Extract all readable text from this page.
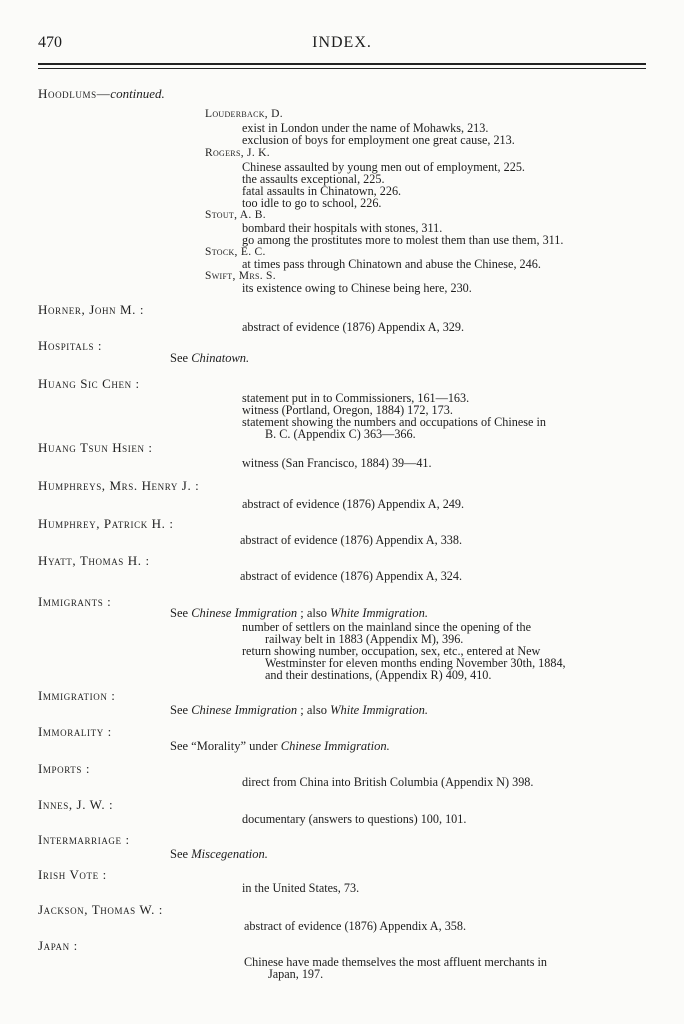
470	INDEX.
Hoodlums—continued.
Louderback, D.
exist in London under the name of Mohawks, 213.
exclusion of boys for employment one great cause, 213.
Rogers, J. K.
Chinese assaulted by young men out of employment, 225.
the assaults exceptional, 225.
fatal assaults in Chinatown, 226.
too idle to go to school, 226.
Stout, A. B.
bombard their hospitals with stones, 311.
go among the prostitutes more to molest them than use them, 311.
Stock, E. C.
at times pass through Chinatown and abuse the Chinese, 246.
Swift, Mrs. S.
its existence owing to Chinese being here, 230.
Horner, John M. :
abstract of evidence (1876) Appendix A, 329.
Hospitals :
See Chinatown.
Huang Sic Chen :
statement put in to Commissioners, 161—163.
witness (Portland, Oregon, 1884) 172, 173.
statement showing the numbers and occupations of Chinese in
B. C. (Appendix C) 363—366.
Huang Tsun Hsien :
witness (San Francisco, 1884) 39—41.
Humphreys, Mrs. Henry J. :
abstract of evidence (1876) Appendix A, 249.
Humphrey, Patrick H. :
abstract of evidence (1876) Appendix A, 338.
Hyatt, Thomas H. :
abstract of evidence (1876) Appendix A, 324.
Immigrants :
See Chinese Immigration ; also White Immigration.
number of settlers on the mainland since the opening of the
railway belt in 1883 (Appendix M), 396.
return showing number, occupation, sex, etc., entered at New
Westminster for eleven months ending November 30th, 1884,
and their destinations, (Appendix R) 409, 410.
Immigration :
See Chinese Immigration ; also White Immigration.
Immorality :
See “Morality” under Chinese Immigration.
Imports :
direct from China into British Columbia (Appendix N) 398.
Innes, J. W. :
documentary (answers to questions) 100, 101.
Intermarriage :
See Miscegenation.
Irish Vote :
in the United States, 73.
Jackson, Thomas W. :
abstract of evidence (1876) Appendix A, 358.
Japan :
Chinese have made themselves the most affluent merchants in
Japan, 197.
